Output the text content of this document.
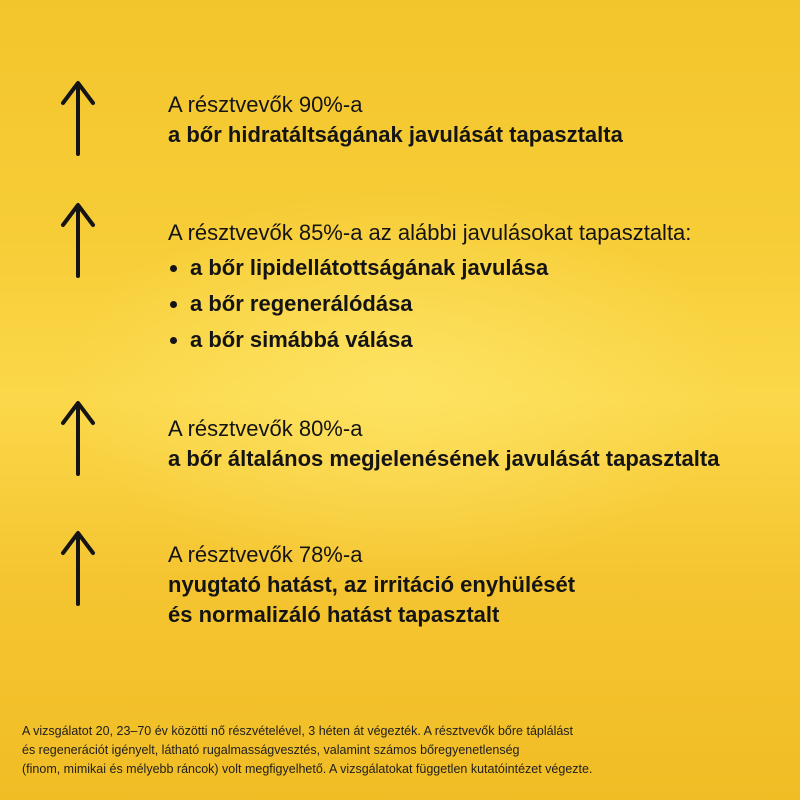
A résztvevők 90%-a
a bőr hidratáltságának javulását tapasztalta
A résztvevők 85%-a az alábbi javulásokat tapasztalta:
a bőr lipidellátottságának javulása
a bőr regenerálódása
a bőr simábbá válása
A résztvevők 80%-a
a bőr általános megjelenésének javulását tapasztalta
A résztvevők 78%-a
nyugtató hatást, az irritáció enyhülését
és normalizáló hatást tapasztalt
A vizsgálatot 20, 23–70 év közötti nő részvételével, 3 héten át végezték. A résztvevők bőre táplálást
és regenerációt igényelt, látható rugalmasságvesztés, valamint számos bőregyenetlenség
(finom, mimikai és mélyebb ráncok) volt megfigyelhető. A vizsgálatokat független kutatóintézet végezte.
